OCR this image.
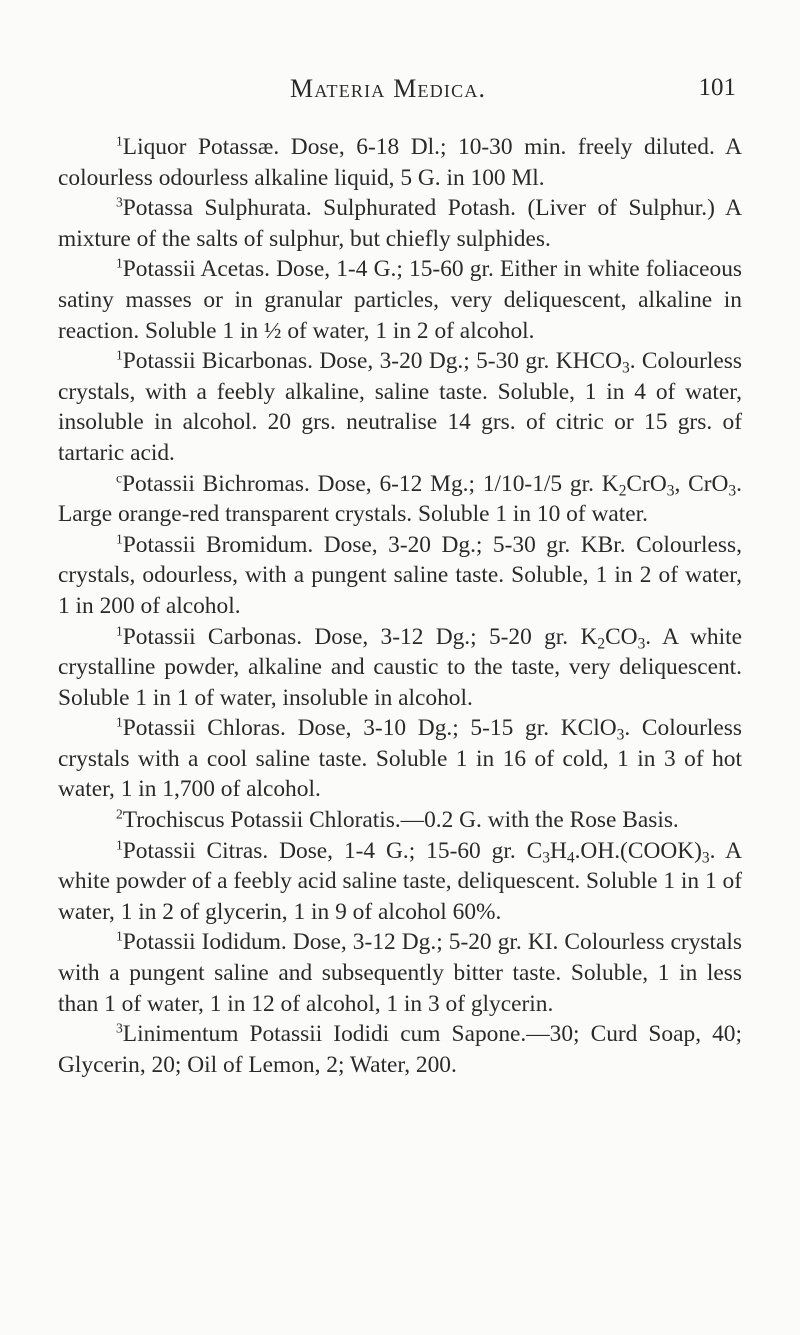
Materia Medica.	101

$^1$Liquor Potassæ. Dose, 6-18 Dl.; 10-30 min. freely diluted. A colourless odourless alkaline liquid, 5 G. in 100 Ml.

$^3$Potassa Sulphurata. Sulphurated Potash. (Liver of Sulphur.) A mixture of the salts of sulphur, but chiefly sulphides.

$^1$Potassii Acetas. Dose, 1-4 G.; 15-60 gr. Either in white foliaceous satiny masses or in granular particles, very deliquescent, alkaline in reaction. Soluble 1 in ½ of water, 1 in 2 of alcohol.

$^1$Potassii Bicarbonas. Dose, 3-20 Dg.; 5-30 gr. $KHCO_3$. Colourless crystals, with a feebly alkaline, saline taste. Soluble, 1 in 4 of water, insoluble in alcohol. 20 grs. neutralise 14 grs. of citric or 15 grs. of tartaric acid.

$^c$Potassii Bichromas. Dose, 6-12 Mg.; 1/10-1/5 gr. $K_2CrO_3$, CrO$_3$. Large orange-red transparent crystals. Soluble 1 in 10 of water.

$^1$Potassii Bromidum. Dose, 3-20 Dg.; 5-30 gr. KBr. Colourless, crystals, odourless, with a pungent saline taste. Soluble, 1 in 2 of water, 1 in 200 of alcohol.

$^1$Potassii Carbonas. Dose, 3-12 Dg.; 5-20 gr. $K_2CO_3$. A white crystalline powder, alkaline and caustic to the taste, very deliquescent. Soluble 1 in 1 of water, insoluble in alcohol.

$^1$Potassii Chloras. Dose, 3-10 Dg.; 5-15 gr. KClO$_3$. Colourless crystals with a cool saline taste. Soluble 1 in 16 of cold, 1 in 3 of hot water, 1 in 1,700 of alcohol.

$^2$Trochiscus Potassii Chloratis.—0.2 G. with the Rose Basis.

$^1$Potassii Citras. Dose, 1-4 G.; 15-60 gr. $C_3H_4.OH.(COOK)_3$. A white powder of a feebly acid saline taste, deliquescent. Soluble 1 in 1 of water, 1 in 2 of glycerin, 1 in 9 of alcohol 60%.

$^1$Potassii Iodidum. Dose, 3-12 Dg.; 5-20 gr. KI. Colourless crystals with a pungent saline and subsequently bitter taste. Soluble, 1 in less than 1 of water, 1 in 12 of alcohol, 1 in 3 of glycerin.

$^3$Linimentum Potassii Iodidi cum Sapone.—30; Curd Soap, 40; Glycerin, 20; Oil of Lemon, 2; Water, 200.
